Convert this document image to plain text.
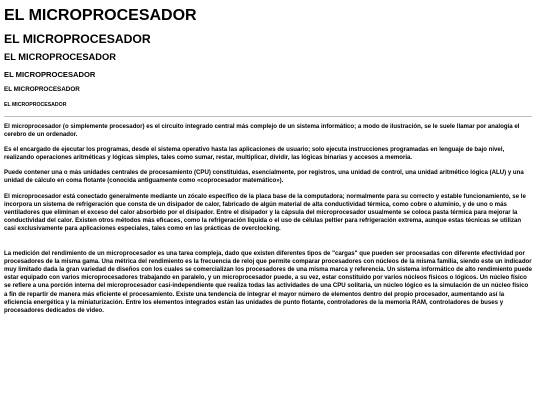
EL MICROPROCESADOR
EL MICROPROCESADOR
EL MICROPROCESADOR
EL MICROPROCESADOR
EL MICROPROCESADOR
EL MICROPROCESADOR

El microprocesador (o simplemente procesador) es el circuito integrado central más complejo de un sistema informático; a modo de ilustración, se le suele llamar por analogía el cerebro de un ordenador.

Es el encargado de ejecutar los programas, desde el sistema operativo hasta las aplicaciones de usuario; solo ejecuta instrucciones programadas en lenguaje de bajo nivel, realizando operaciones aritméticas y lógicas simples, tales como sumar, restar, multiplicar, dividir, las lógicas binarias y accesos a memoria.

Puede contener una o más unidades centrales de procesamiento (CPU) constituidas, esencialmente, por registros, una unidad de control, una unidad aritmético lógica (ALU) y una unidad de cálculo en coma flotante (conocida antiguamente como «coprocesador matemático»).

El microprocesador está conectado generalmente mediante un zócalo específico de la placa base de la computadora; normalmente para su correcto y estable funcionamiento, se le incorpora un sistema de refrigeración que consta de un disipador de calor, fabricado de algún material de alta conductividad térmica, como cobre o aluminio, y de uno o más ventiladores que eliminan el exceso del calor absorbido por el disipador. Entre el disipador y la cápsula del microprocesador usualmente se coloca pasta térmica para mejorar la conductividad del calor. Existen otros métodos más eficaces, como la refrigeración líquida o el uso de células peltier para refrigeración extrema, aunque estas técnicas se utilizan casi exclusivamente para aplicaciones especiales, tales como en las prácticas de overclocking.

La medición del rendimiento de un microprocesador es una tarea compleja, dado que existen diferentes tipos de "cargas" que pueden ser procesadas con diferente efectividad por procesadores de la misma gama. Una métrica del rendimiento es la frecuencia de reloj que permite comparar procesadores con núcleos de la misma familia, siendo este un indicador muy limitado dada la gran variedad de diseños con los cuales se comercializan los procesadores de una misma marca y referencia. Un sistema informático de alto rendimiento puede estar equipado con varios microprocesadores trabajando en paralelo, y un microprocesador puede, a su vez, estar constituido por varios núcleos físicos o lógicos. Un núcleo físico se refiere a una porción interna del microprocesador casi-independiente que realiza todas las actividades de una CPU solitaria, un núcleo lógico es la simulación de un núcleo físico a fin de repartir de manera más eficiente el procesamiento. Existe una tendencia de integrar el mayor número de elementos dentro del propio procesador, aumentando así la eficiencia energética y la miniaturización. Entre los elementos integrados están las unidades de punto flotante, controladores de la memoria RAM, controladores de buses y procesadores dedicados de video.
